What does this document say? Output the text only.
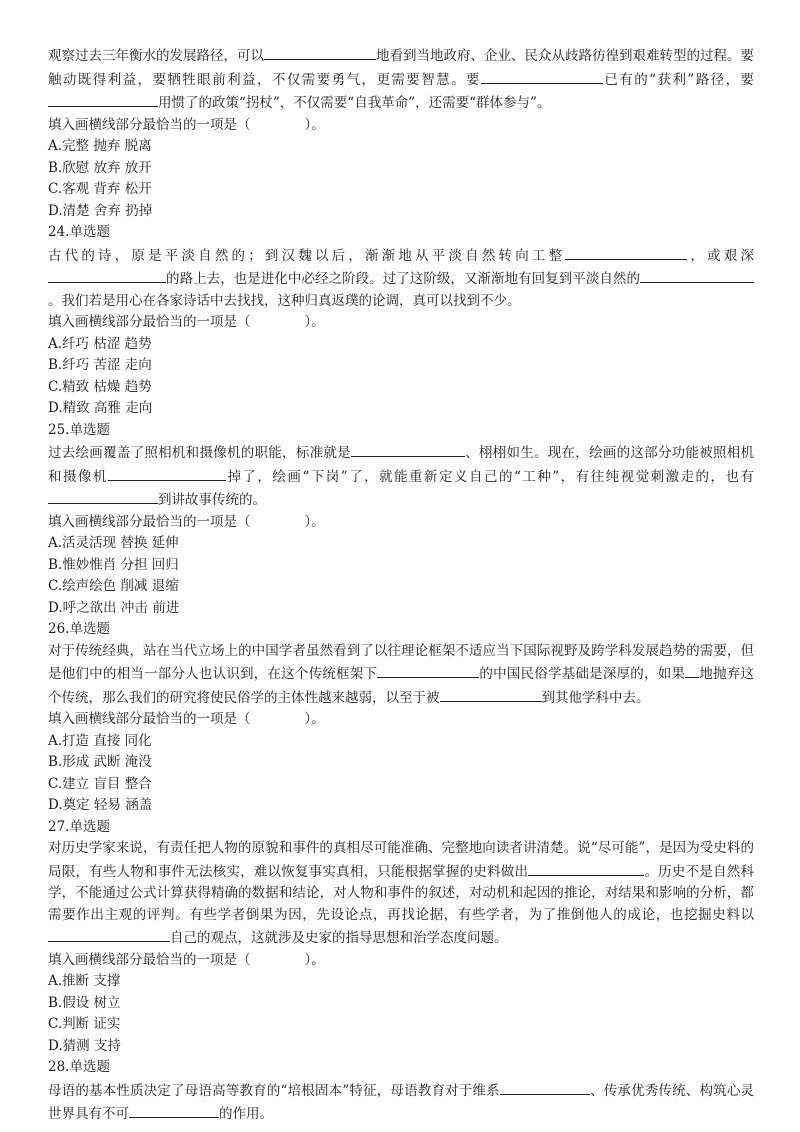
观察过去三年衡水的发展路径，可以	地看到当地政府、企业、民众从歧路彷徨到艰难转型的过程。要触动既得利益，要牺牲眼前利益，不仅需要勇气，更需要智慧。要	已有的“获利”路径，要用惯了的政策“拐杖”，不仅需要“自我革命”，还需要“群体参与”。

填入画横线部分最恰当的一项是（　　　　）。

A.完整 抛弃 脱离

B.欣慰 放弃 放开

C.客观 背弃 松开

D.清楚 舍弃 扔掉

24.单选题

古代的诗，原是平淡自然的；到汉魏以后，渐渐地从平淡自然转向工整	，或艰深的路上去，也是进化中必经之阶段。过了这阶级，又渐渐地有回复到平淡自然的。我们若是用心在各家诗话中去找找，这种归真返璞的论调，真可以找到不少。

填入画横线部分最恰当的一项是（　　　　）。

A.纤巧 枯涩 趋势

B.纤巧 苦涩 走向

C.精致 枯燥 趋势

D.精致 高雅 走向

25.单选题

过去绘画覆盖了照相机和摄像机的职能，标准就是	、栩栩如生。现在，绘画的这部分功能被照相机和摄像机	掉了，绘画“下岗”了，就能重新定义自己的“工种”，有往纯视觉刺激走的，也有到讲故事传统的。

填入画横线部分最恰当的一项是（　　　　）。

A.活灵活现 替换 延伸

B.惟妙惟肖 分担 回归

C.绘声绘色 削减 退缩

D.呼之欲出 冲击 前进

26.单选题

对于传统经典，站在当代立场上的中国学者虽然看到了以往理论框架不适应当下国际视野及跨学科发展趋势的需要，但是他们中的相当一部分人也认识到，在这个传统框架下	的中国民俗学基础是深厚的，如果 地抛弃这个传统，那么我们的研究将使民俗学的主体性越来越弱，以至于被	到其他学科中去。

填入画横线部分最恰当的一项是（　　　　）。

A.打造 直接 同化

B.形成 武断 淹没

C.建立 盲目 整合

D.奠定 轻易 涵盖

27.单选题

对历史学家来说，有责任把人物的原貌和事件的真相尽可能准确、完整地向读者讲清楚。说“尽可能”，是因为受史料的局限，有些人物和事件无法核实，难以恢复事实真相，只能根据掌握的史料做出	。历史不是自然科学，不能通过公式计算获得精确的数据和结论，对人物和事件的叙述，对动机和起因的推论，对结果和影响的分析，都需要作出主观的评判。有些学者倒果为因，先设论点，再找论据，有些学者，为了推倒他人的成论，也挖掘史料以自己的观点，这就涉及史家的指导思想和治学态度问题。

填入画横线部分最恰当的一项是（　　　　）。

A.推断 支撑

B.假设 树立

C.判断 证实

D.猜测 支持

28.单选题

母语的基本性质决定了母语高等教育的“培根固本”特征，母语教育对于维系	、传承优秀传统、构筑心灵世界具有不可	的作用。
